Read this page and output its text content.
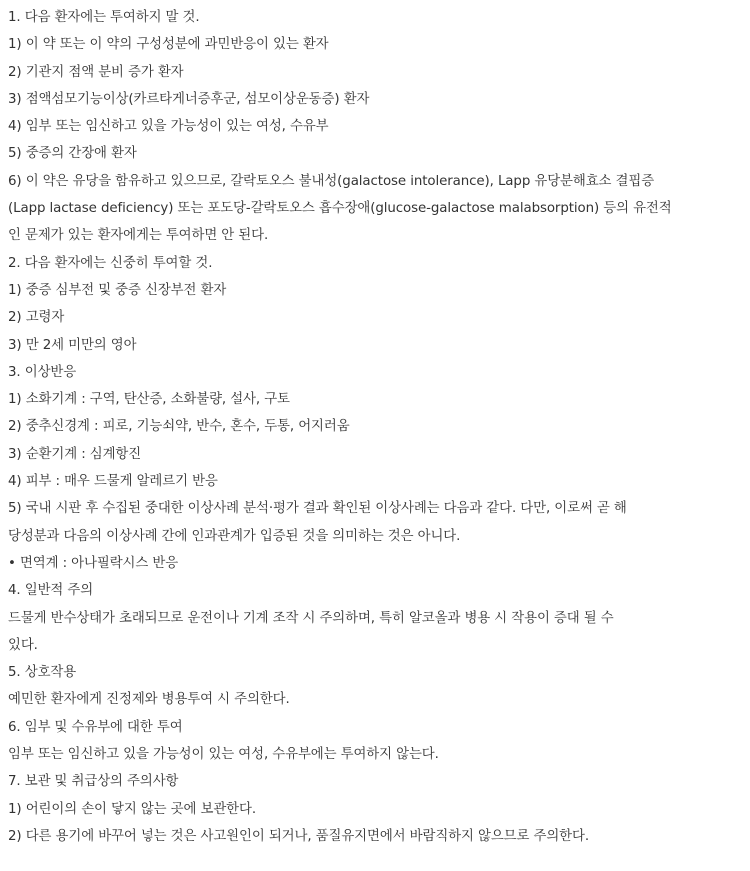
1. 다음 환자에는 투여하지 말 것.
1) 이 약 또는 이 약의 구성성분에 과민반응이 있는 환자
2) 기관지 점액 분비 증가 환자
3) 점액섬모기능이상(카르타게너증후군, 섬모이상운동증) 환자
4) 임부 또는 임신하고 있을 가능성이 있는 여성, 수유부
5) 중증의 간장애 환자
6) 이 약은 유당을 함유하고 있으므로, 갈락토오스 불내성(galactose intolerance), Lapp 유당분해효소 결핍증
(Lapp lactase deficiency) 또는 포도당-갈락토오스 흡수장애(glucose-galactose malabsorption) 등의 유전적
인 문제가 있는 환자에게는 투여하면 안 된다.
2. 다음 환자에는 신중히 투여할 것.
1) 중증 심부전 및 중증 신장부전 환자
2) 고령자
3) 만 2세 미만의 영아
3. 이상반응
1) 소화기계 : 구역, 탄산증, 소화불량, 설사, 구토
2) 중추신경계 : 피로, 기능쇠약, 반수, 혼수, 두통, 어지러움
3) 순환기계 : 심계항진
4) 피부 : 매우 드물게 알레르기 반응
5) 국내 시판 후 수집된 중대한 이상사례 분석·평가 결과 확인된 이상사례는 다음과 같다. 다만, 이로써 곧 해
당성분과 다음의 이상사례 간에 인과관계가 입증된 것을 의미하는 것은 아니다.
• 면역계 : 아나필락시스 반응
4. 일반적 주의
드물게 반수상태가 초래되므로 운전이나 기계 조작 시 주의하며, 특히 알코올과 병용 시 작용이 증대 될 수
있다.
5. 상호작용
예민한 환자에게 진정제와 병용투여 시 주의한다.
6. 임부 및 수유부에 대한 투여
임부 또는 임신하고 있을 가능성이 있는 여성, 수유부에는 투여하지 않는다.
7. 보관 및 취급상의 주의사항
1) 어린이의 손이 닿지 않는 곳에 보관한다.
2) 다른 용기에 바꾸어 넣는 것은 사고원인이 되거나, 품질유지면에서 바람직하지 않으므로 주의한다.
